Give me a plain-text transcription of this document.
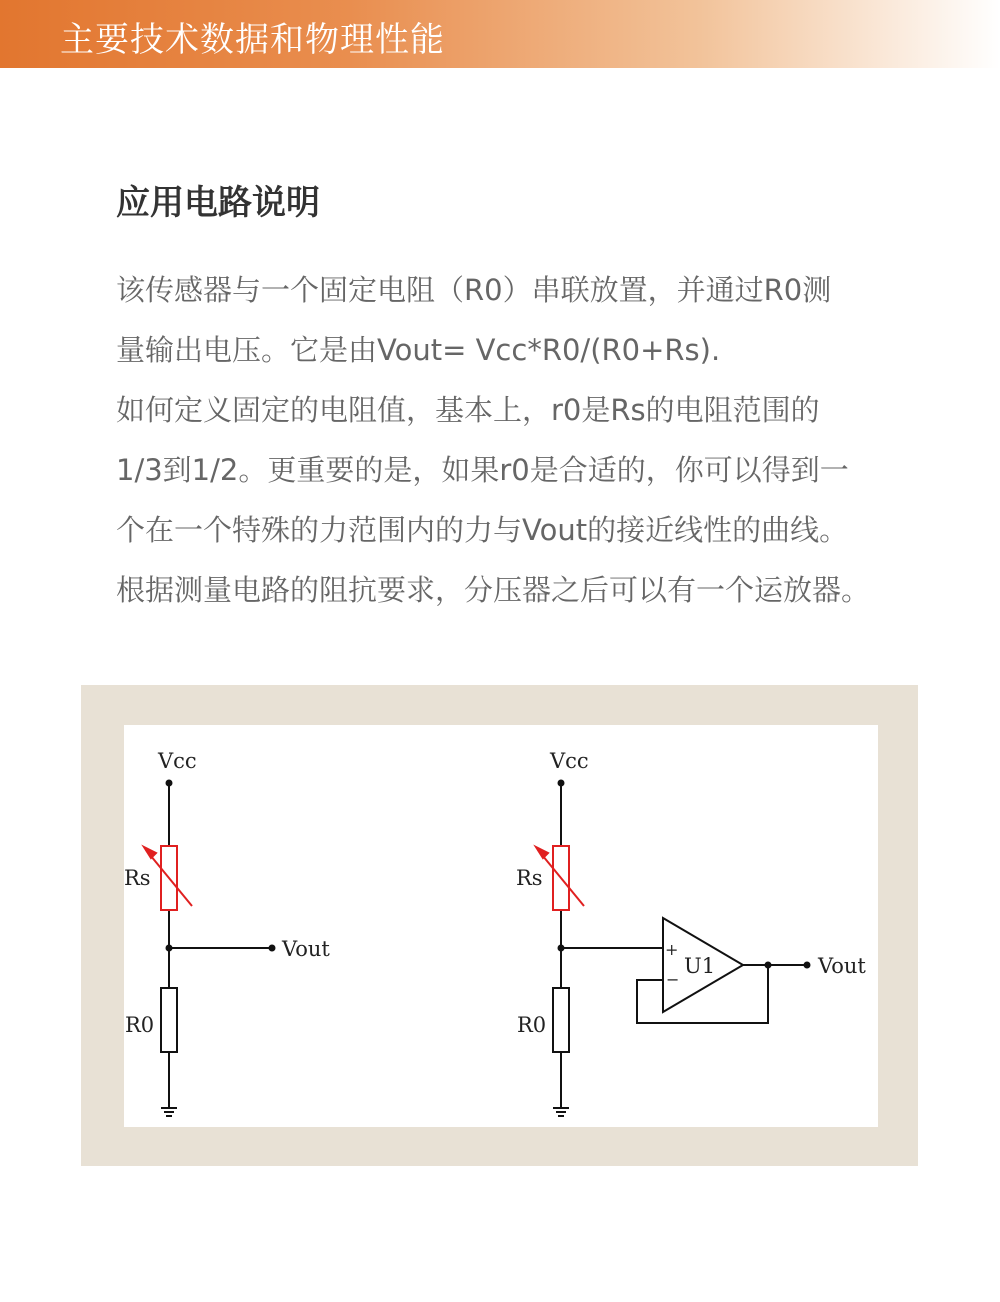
主要技术数据和物理性能
应用电路说明
该传感器与一个固定电阻（R0）串联放置，并通过R0测
量输出电压。它是由Vout= Vcc*R0/(R0+Rs).
如何定义固定的电阻值，基本上，r0是Rs的电阻范围的
1/3到1/2。更重要的是，如果r0是合适的，你可以得到一
个在一个特殊的力范围内的力与Vout的接近线性的曲线。
根据测量电路的阻抗要求，分压器之后可以有一个运放器。
Vcc
Rs
R0
Vout
Vcc
Rs
R0
U1
+
−
Vout
